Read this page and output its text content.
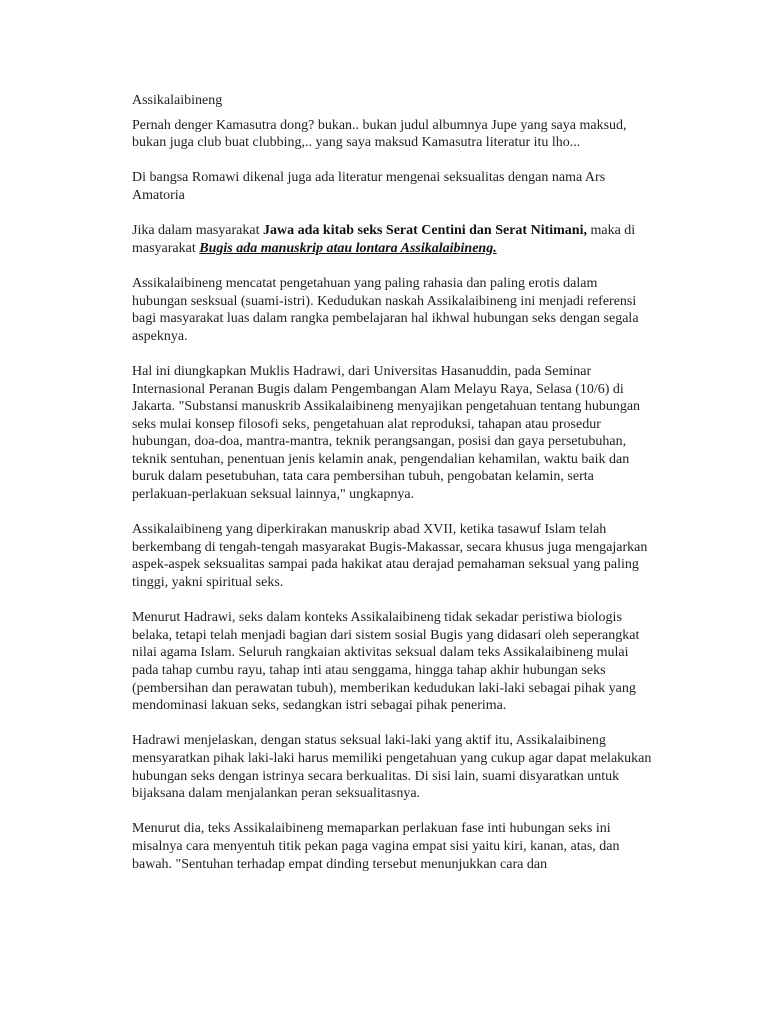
Assikalaibineng

Pernah denger Kamasutra dong? bukan.. bukan judul albumnya Jupe yang saya maksud, bukan juga club buat clubbing,.. yang saya maksud Kamasutra literatur itu lho...

Di bangsa Romawi dikenal juga ada literatur mengenai seksualitas dengan nama Ars Amatoria

Jika dalam masyarakat Jawa ada kitab seks Serat Centini dan Serat Nitimani, maka di masyarakat Bugis ada manuskrip atau lontara Assikalaibineng.

Assikalaibineng mencatat pengetahuan yang paling rahasia dan paling erotis dalam hubungan sesksual (suami-istri). Kedudukan naskah Assikalaibineng ini menjadi referensi bagi masyarakat luas dalam rangka pembelajaran hal ikhwal hubungan seks dengan segala aspeknya.

Hal ini diungkapkan Muklis Hadrawi, dari Universitas Hasanuddin, pada Seminar Internasional Peranan Bugis dalam Pengembangan Alam Melayu Raya, Selasa (10/6) di Jakarta. "Substansi manuskrib Assikalaibineng menyajikan pengetahuan tentang hubungan seks mulai konsep filosofi seks, pengetahuan alat reproduksi, tahapan atau prosedur hubungan, doa-doa, mantra-mantra, teknik perangsangan, posisi dan gaya persetubuhan, teknik sentuhan, penentuan jenis kelamin anak, pengendalian kehamilan, waktu baik dan buruk dalam pesetubuhan, tata cara pembersihan tubuh, pengobatan kelamin, serta perlakuan-perlakuan seksual lainnya," ungkapnya.

Assikalaibineng yang diperkirakan manuskrip abad XVII, ketika tasawuf Islam telah berkembang di tengah-tengah masyarakat Bugis-Makassar, secara khusus juga mengajarkan aspek-aspek seksualitas sampai pada hakikat atau derajad pemahaman seksual yang paling tinggi, yakni spiritual seks.

Menurut Hadrawi, seks dalam konteks Assikalaibineng tidak sekadar peristiwa biologis belaka, tetapi telah menjadi bagian dari sistem sosial Bugis yang didasari oleh seperangkat nilai agama Islam. Seluruh rangkaian aktivitas seksual dalam teks Assikalaibineng mulai pada tahap cumbu rayu, tahap inti atau senggama, hingga tahap akhir hubungan seks (pembersihan dan perawatan tubuh), memberikan kedudukan laki-laki sebagai pihak yang mendominasi lakuan seks, sedangkan istri sebagai pihak penerima.

Hadrawi menjelaskan, dengan status seksual laki-laki yang aktif itu, Assikalaibineng mensyaratkan pihak laki-laki harus memiliki pengetahuan yang cukup agar dapat melakukan hubungan seks dengan istrinya secara berkualitas. Di sisi lain, suami disyaratkan untuk bijaksana dalam menjalankan peran seksualitasnya.

Menurut dia, teks Assikalaibineng memaparkan perlakuan fase inti hubungan seks ini misalnya cara menyentuh titik pekan paga vagina empat sisi yaitu kiri, kanan, atas, dan bawah. "Sentuhan terhadap empat dinding tersebut menunjukkan cara dan
